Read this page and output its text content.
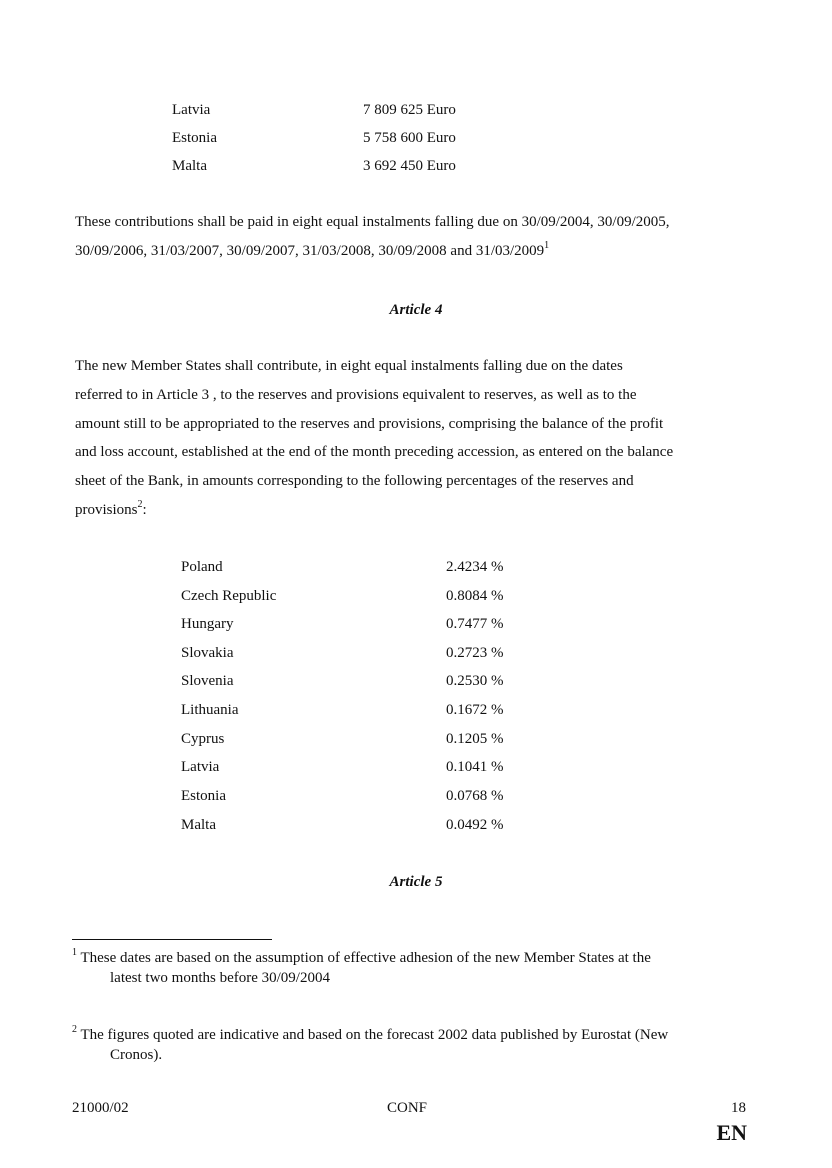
Latvia	7 809 625 Euro
Estonia	5 758 600 Euro
Malta	3 692 450 Euro
These contributions shall be paid in eight equal instalments falling due on 30/09/2004, 30/09/2005,
30/09/2006, 31/03/2007, 30/09/2007, 31/03/2008, 30/09/2008 and 31/03/2009$^1$
Article 4
The new Member States shall contribute, in eight equal instalments falling due on the dates
referred to in Article 3 , to the reserves and provisions equivalent to reserves, as well as to the
amount still to be appropriated to the reserves and provisions, comprising the balance of the profit
and loss account, established at the end of the month preceding accession, as entered on the balance
sheet of the Bank, in amounts corresponding to the following percentages of the reserves and
provisions$^2$:
Poland	2.4234 %
Czech Republic	0.8084 %
Hungary	0.7477 %
Slovakia	0.2723 %
Slovenia	0.2530 %
Lithuania	0.1672 %
Cyprus	0.1205 %
Latvia	0.1041 %
Estonia	0.0768 %
Malta	0.0492 %
Article 5
$^1$ These dates are based on the assumption of effective adhesion of the new Member States at the
latest two months before 30/09/2004
$^2$ The figures quoted are indicative and based on the forecast 2002 data published by Eurostat (New
Cronos).
21000/02	CONF	18
EN
